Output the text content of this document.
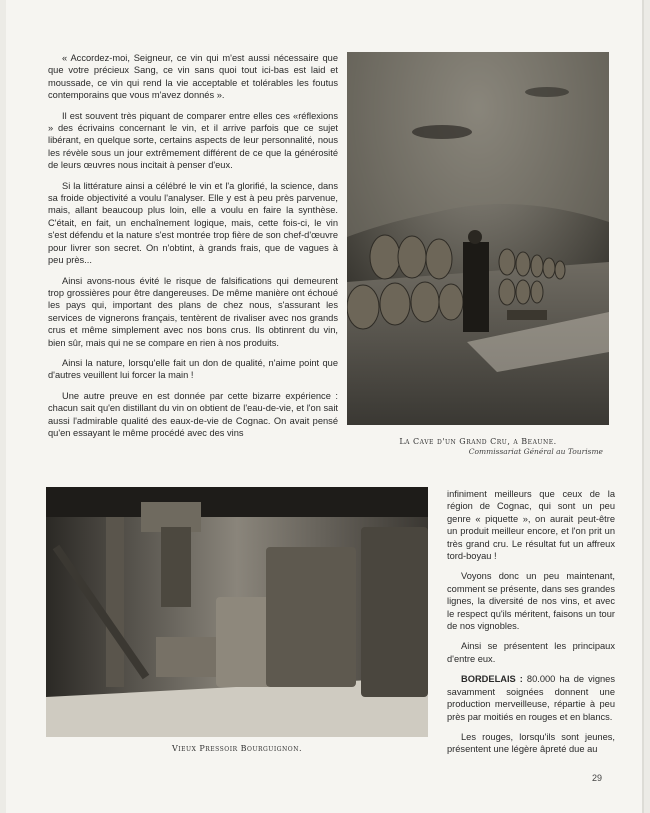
« Accordez-moi, Seigneur, ce vin qui m'est aussi nécessaire que que votre précieux Sang, ce vin sans quoi tout ici-bas est laid et moussade, ce vin qui rend la vie acceptable et tolérables les foutus contemporains que vous m'avez donnés ».

Il est souvent très piquant de comparer entre elles ces «réflexions » des écrivains concernant le vin, et il arrive parfois que ce sujet libérant, en quelque sorte, certains aspects de leur personnalité, nous les révèle sous un jour extrêmement différent de ce que la générosité de leurs œuvres nous incitait à penser d'eux.

Si la littérature ainsi a célébré le vin et l'a glorifié, la science, dans sa froide objectivité a voulu l'analyser. Elle y est à peu près parvenue, mais, allant beaucoup plus loin, elle a voulu en faire la synthèse. C'était, en fait, un enchaînement logique, mais, cette fois-ci, le vin s'est défendu et la nature s'est montrée trop fière de son chef-d'œuvre pour livrer son secret. On n'obtint, à grands frais, que de vagues à peu près...

Ainsi avons-nous évité le risque de falsifications qui demeurent trop grossières pour être dangereuses. De même manière ont échoué les pays qui, important des plans de chez nous, s'assurant les services de vignerons français, tentèrent de rivaliser avec nos grands crus et même simplement avec nos bons crus. Ils obtinrent du vin, bien sûr, mais qui ne se compare en rien à nos produits.

Ainsi la nature, lorsqu'elle fait un don de qualité, n'aime point que d'autres veuillent lui forcer la main !

Une autre preuve en est donnée par cette bizarre expérience : chacun sait qu'en distillant du vin on obtient de l'eau-de-vie, et l'on sait aussi l'admirable qualité des eaux-de-vie de Cognac. On avait pensé qu'en essayant le même procédé avec des vins

La Cave d'un Grand Cru, a Beaune.
Commissariat Général au Tourisme
Vieux Pressoir Bourguignon.

infiniment meilleurs que ceux de la région de Cognac, qui sont un peu genre « piquette », on aurait peut-être un produit meilleur encore, et l'on prit un très grand cru. Le résultat fut un affreux tord-boyau !

Voyons donc un peu maintenant, comment se présente, dans ses grandes lignes, la diversité de nos vins, et avec le respect qu'ils méritent, faisons un tour de nos vignobles.

Ainsi se présentent les principaux d'entre eux.

BORDELAIS : 80.000 ha de vignes savamment soignées donnent une production merveilleuse, répartie à peu près par moitiés en rouges et en blancs.

Les rouges, lorsqu'ils sont jeunes, présentent une légère âpreté due au

29
